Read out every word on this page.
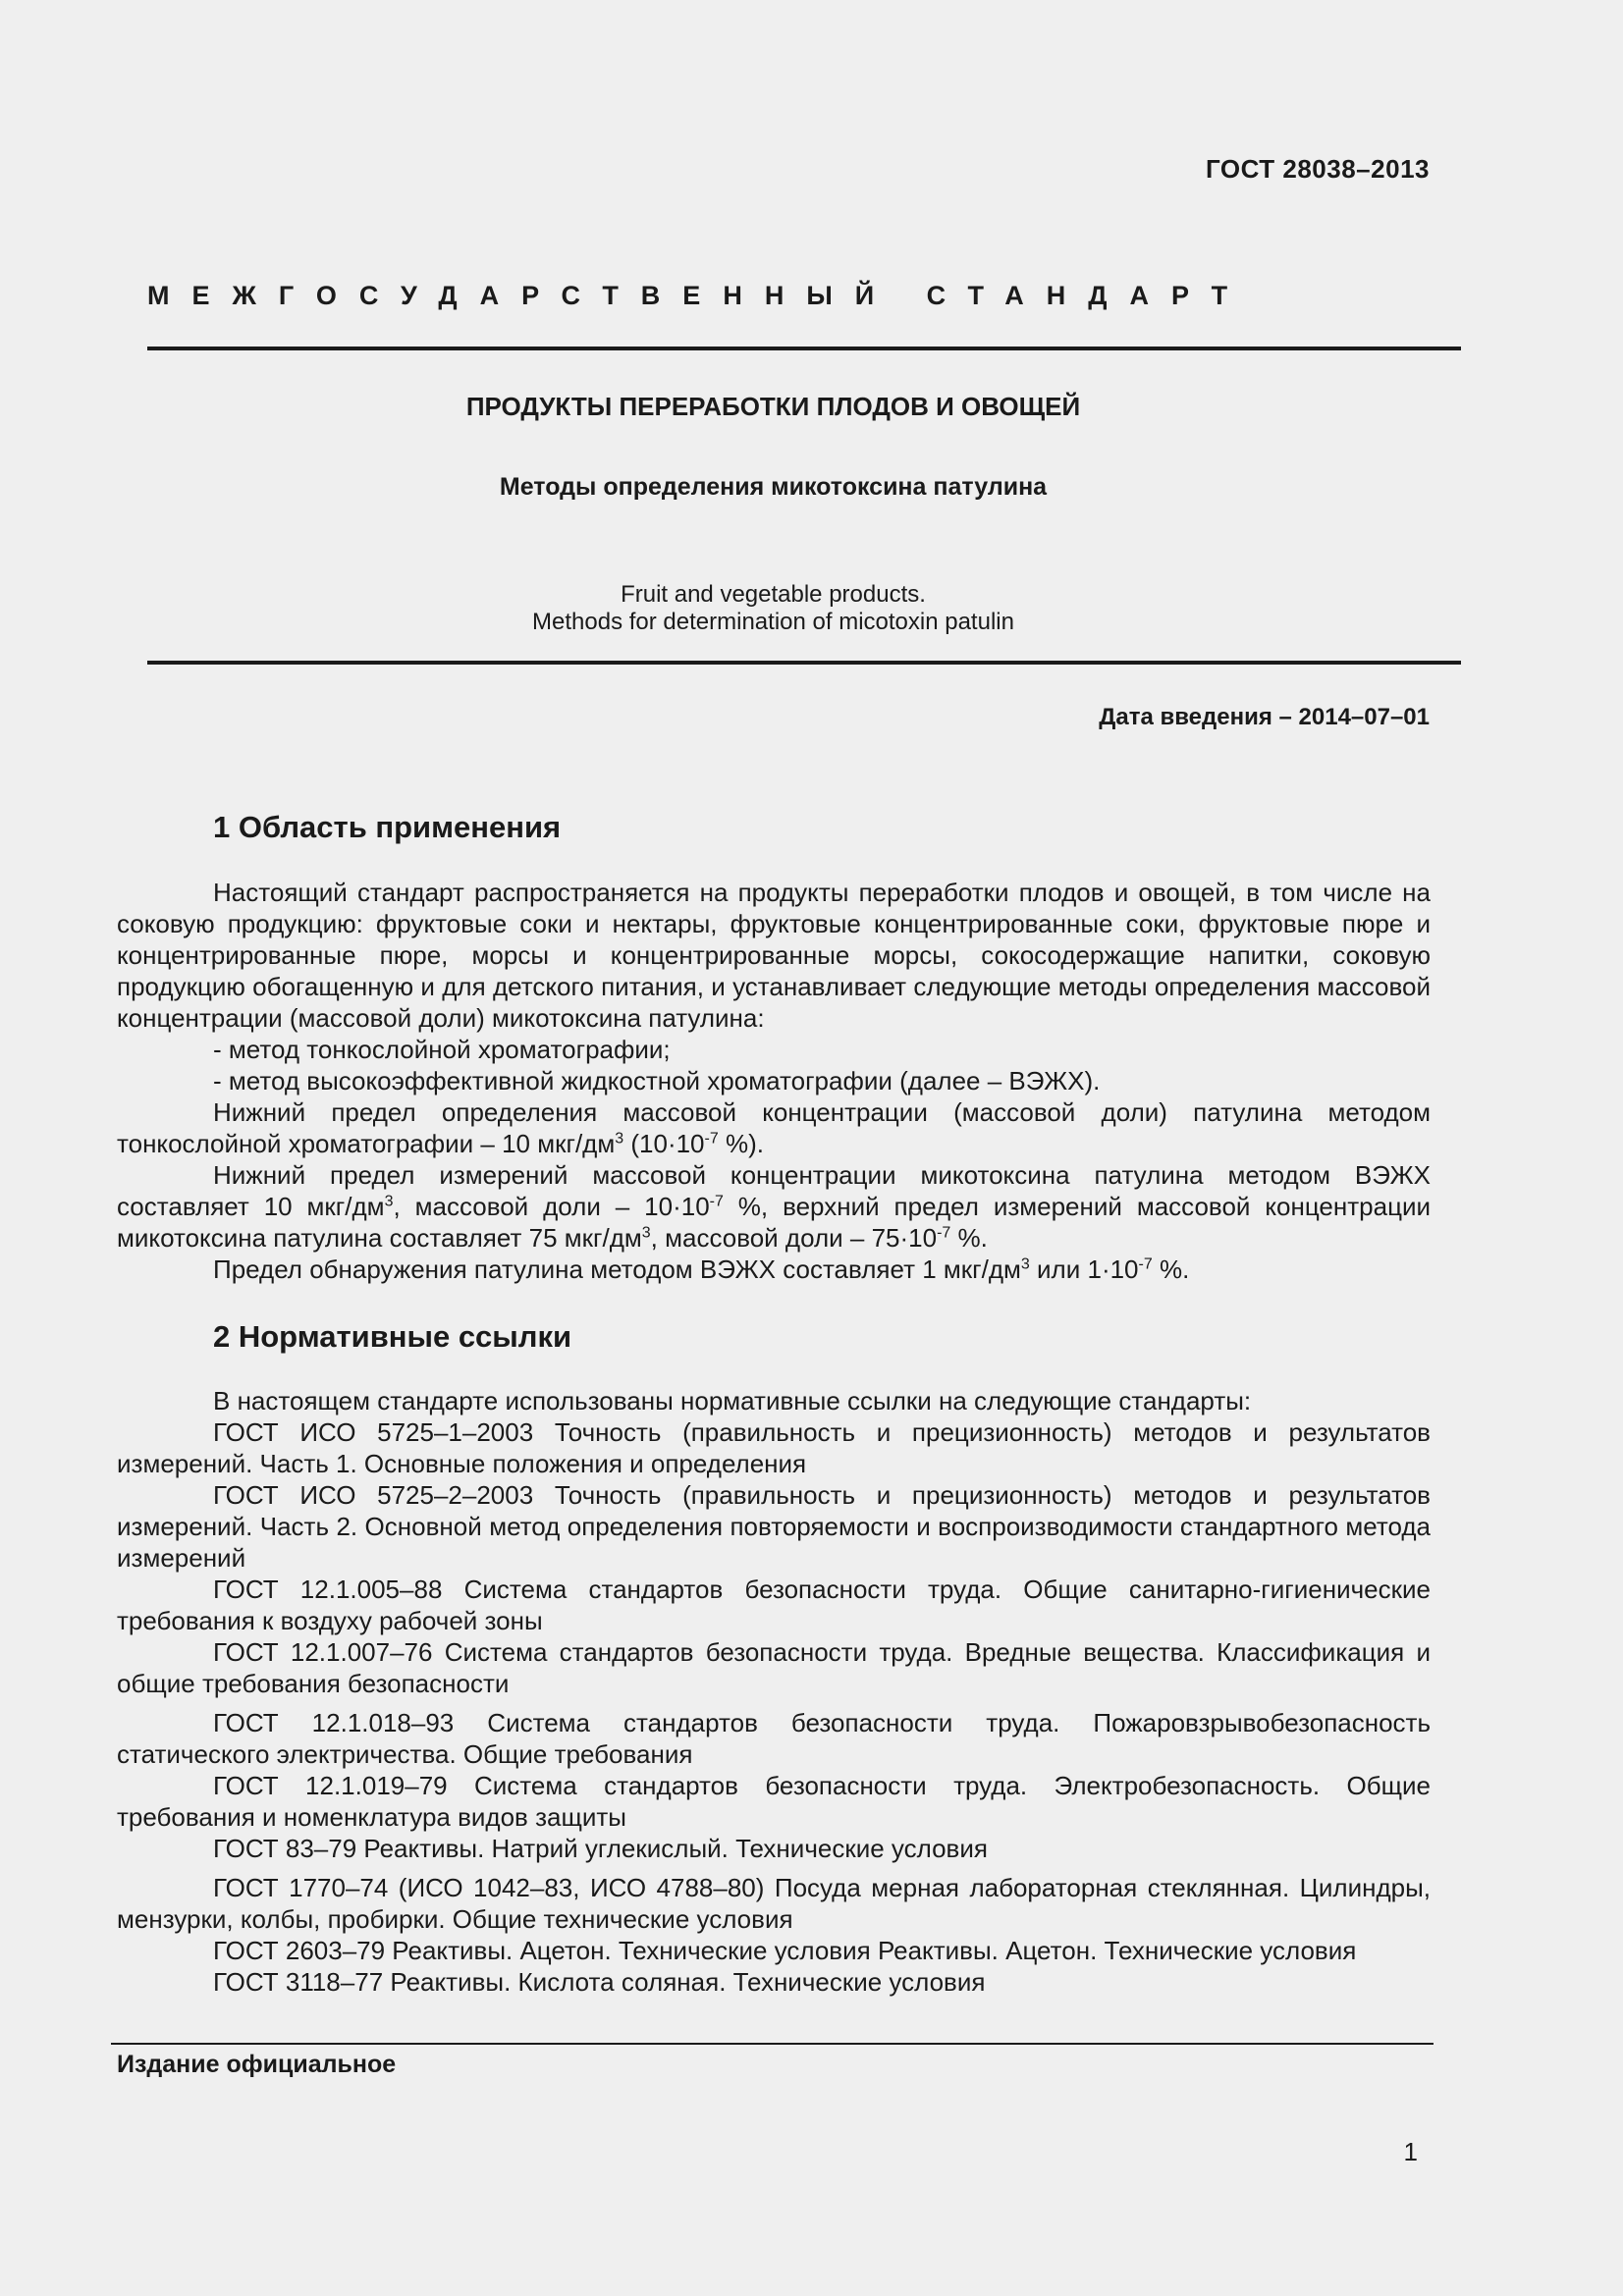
ГОСТ 28038–2013
МЕЖГОСУДАРСТВЕННЫЙ СТАНДАРТ
ПРОДУКТЫ ПЕРЕРАБОТКИ ПЛОДОВ И ОВОЩЕЙ
Методы определения микотоксина патулина
Fruit and vegetable products.
Methods for determination of micotoxin patulin
Дата введения – 2014–07–01
1 Область применения

Настоящий стандарт распространяется на продукты переработки плодов и овощей, в том числе на соковую продукцию: фруктовые соки и нектары, фруктовые концентрированные соки, фруктовые пюре и концентрированные пюре, морсы и концентрированные морсы, сокосодержащие напитки, соковую продукцию обогащенную и для детского питания, и устанавливает следующие методы определения массовой концентрации (массовой доли) микотоксина патулина:

- метод тонкослойной хроматографии;

- метод высокоэффективной жидкостной хроматографии (далее – ВЭЖХ).

Нижний предел определения массовой концентрации (массовой доли) патулина методом тонкослойной хроматографии – 10 мкг/$дм^3$ ($10\cdot 10^{-7}$ %).

Нижний предел измерений массовой концентрации микотоксина патулина методом ВЭЖХ составляет 10 мкг/$дм^3$, массовой доли – $10\cdot 10^{-7}$ %, верхний предел измерений массовой концентрации микотоксина патулина составляет 75 мкг/$дм^3$, массовой доли – $75\cdot 10^{-7}$ %.

Предел обнаружения патулина методом ВЭЖХ составляет 1 мкг/$дм^3$ или $1\cdot 10^{-7}$ %.

2 Нормативные ссылки

В настоящем стандарте использованы нормативные ссылки на следующие стандарты:

ГОСТ ИСО 5725–1–2003 Точность (правильность и прецизионность) методов и результатов измерений. Часть 1. Основные положения и определения

ГОСТ ИСО 5725–2–2003 Точность (правильность и прецизионность) методов и результатов измерений. Часть 2. Основной метод определения повторяемости и воспроизводимости стандартного метода измерений

ГОСТ 12.1.005–88 Система стандартов безопасности труда. Общие санитарно-гигиенические требования к воздуху рабочей зоны

ГОСТ 12.1.007–76 Система стандартов безопасности труда. Вредные вещества. Классификация и общие требования безопасности

ГОСТ 12.1.018–93 Система стандартов безопасности труда. Пожаровзрывобезопасность статического электричества. Общие требования

ГОСТ 12.1.019–79 Система стандартов безопасности труда. Электробезопасность. Общие требования и номенклатура видов защиты

ГОСТ 83–79 Реактивы. Натрий углекислый. Технические условия

ГОСТ 1770–74 (ИСО 1042–83, ИСО 4788–80) Посуда мерная лабораторная стеклянная. Цилиндры, мензурки, колбы, пробирки. Общие технические условия

ГОСТ 2603–79 Реактивы. Ацетон. Технические условия Реактивы. Ацетон. Технические условия

ГОСТ 3118–77 Реактивы. Кислота соляная. Технические условия

Издание официальное
1
